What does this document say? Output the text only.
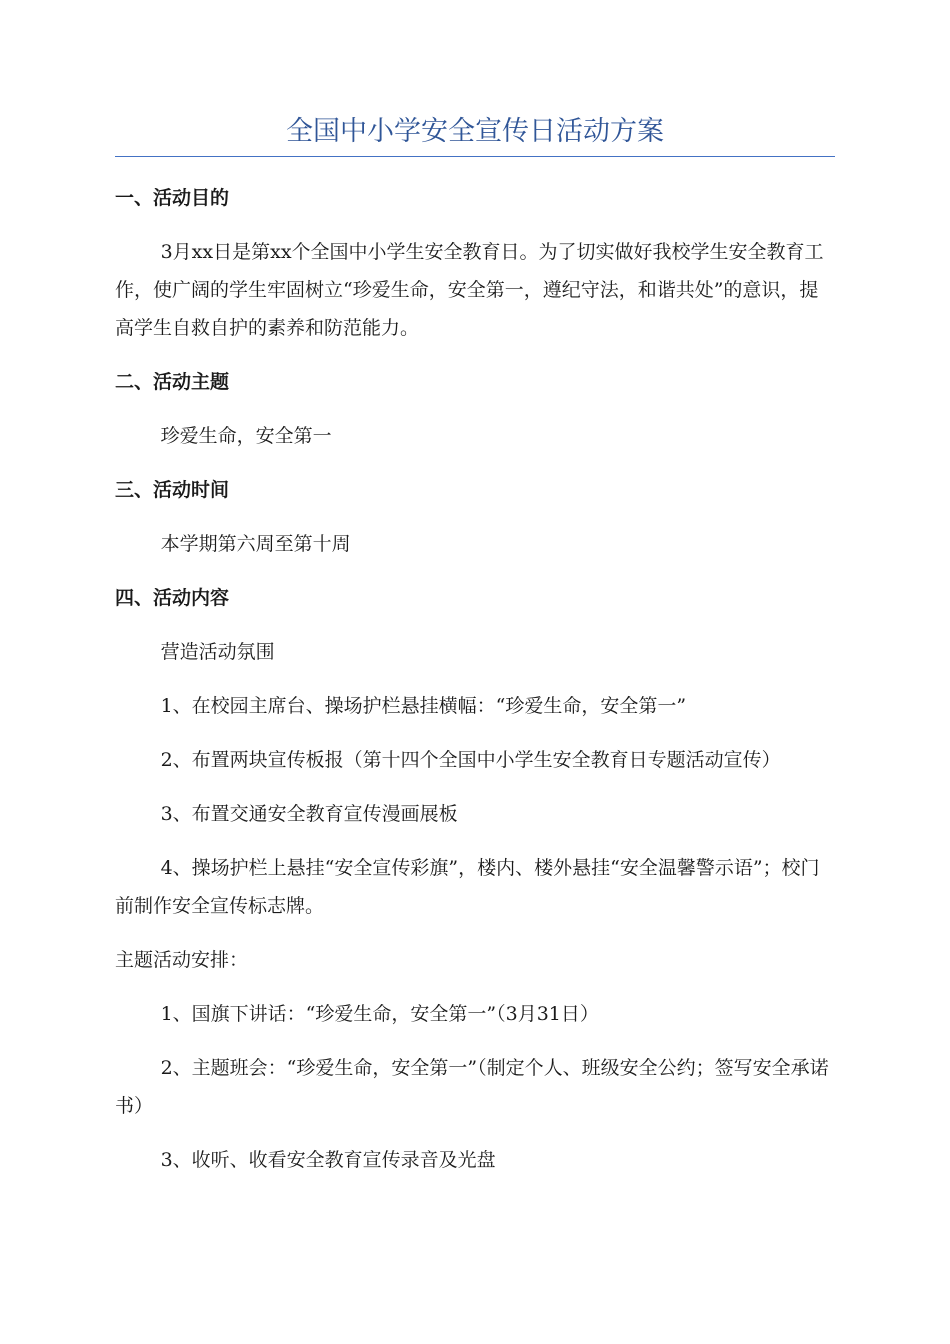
全国中小学安全宣传日活动方案

一、活动目的

3月xx日是第xx个全国中小学生安全教育日。为了切实做好我校学生安全教育工作，使广阔的学生牢固树立“珍爱生命，安全第一，遵纪守法，和谐共处”的意识，提高学生自救自护的素养和防范能力。

二、活动主题

珍爱生命，安全第一

三、活动时间

本学期第六周至第十周

四、活动内容

营造活动氛围

1、在校园主席台、操场护栏悬挂横幅：“珍爱生命，安全第一”

2、布置两块宣传板报（第十四个全国中小学生安全教育日专题活动宣传）

3、布置交通安全教育宣传漫画展板

4、操场护栏上悬挂“安全宣传彩旗”，楼内、楼外悬挂“安全温馨警示语”；校门前制作安全宣传标志牌。

主题活动安排：

1、国旗下讲话：“珍爱生命，安全第一”（3月31日）

2、主题班会：“珍爱生命，安全第一”（制定个人、班级安全公约；签写安全承诺书）

3、收听、收看安全教育宣传录音及光盘
